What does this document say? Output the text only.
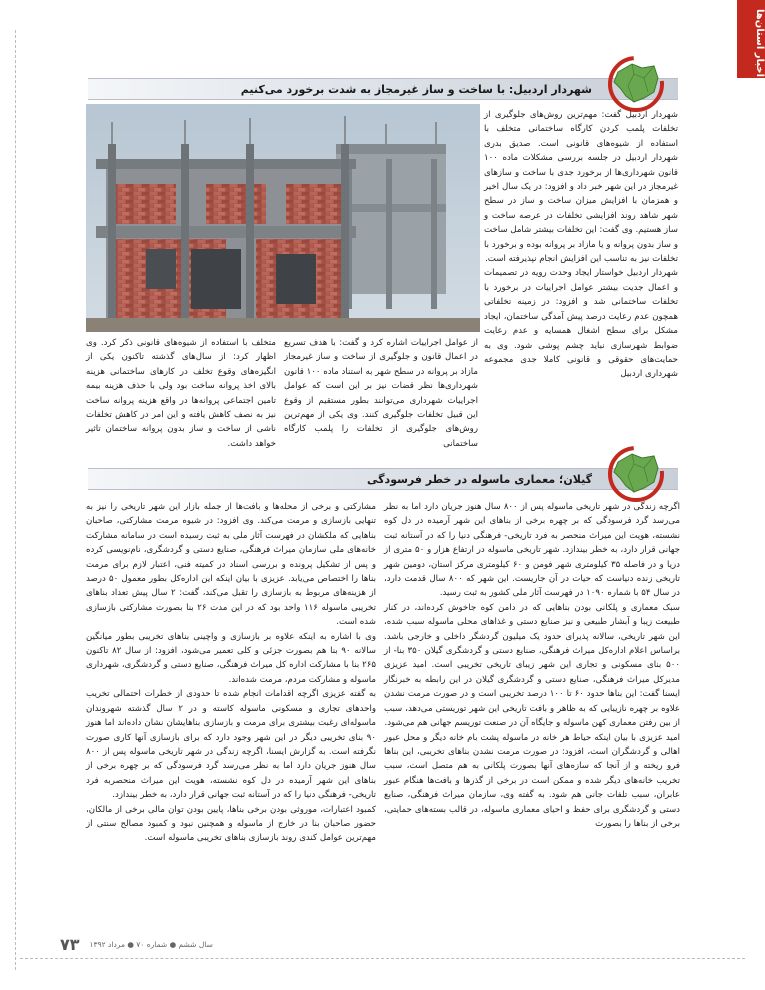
اخبار استان‌ها
شهردار اردبیل: با ساخت و ساز غیرمجاز به شدت برخورد می‌کنیم

شهردار اردبیل گفت: مهم‌ترین روش‌های جلوگیری از تخلفات پلمب کردن کارگاه ساختمانی متخلف با استفاده از شیوه‌های قانونی است. صدیق بدری شهردار اردبیل در جلسه بررسی مشکلات ماده ۱۰۰ قانون شهرداری‌ها از برخورد جدی با ساخت و سازهای غیرمجاز در این شهر خبر داد و افزود: در یک سال اخیر و همزمان با افزایش میزان ساخت و ساز در سطح شهر شاهد روند افزایشی تخلفات در عرصه ساخت و ساز هستیم. وی گفت: این تخلفات بیشتر شامل ساخت و ساز بدون پروانه و یا مازاد بر پروانه بوده و برخورد با تخلفات نیز به تناسب این افزایش انجام نپذیرفته است.

شهردار اردبیل خواستار ایجاد وحدت رویه در تصمیمات و اعمال جدیت بیشتر عوامل اجراییات در برخورد با تخلفات ساختمانی شد و افزود: در زمینه تخلفاتی همچون عدم رعایت درصد پیش آمدگی ساختمان، ایجاد مشکل برای سطح اشغال همسایه و عدم رعایت ضوابط شهرسازی نباید چشم پوشی شود. وی به حمایت‌های حقوقی و قانونی کاملا جدی مجموعه شهرداری اردبیل

از عوامل اجراییات اشاره کرد و گفت: با هدف تسریع در اعمال قانون و جلوگیری از ساخت و ساز غیرمجاز مازاد بر پروانه در سطح شهر به استناد ماده ۱۰۰ قانون شهرداری‌ها نظر قضات نیز بر این است که عوامل اجراییات شهرداری می‌توانند بطور مستقیم از وقوع این قبیل تخلفات جلوگیری کنند. وی یکی از مهم‌ترین روش‌های جلوگیری از تخلفات را پلمب کارگاه ساختمانی

متخلف با استفاده از شیوه‌های قانونی ذکر کرد. وی اظهار کرد: از سال‌های گذشته تاکنون یکی از انگیزه‌های وقوع تخلف در کارهای ساختمانی هزینه بالای اخذ پروانه ساخت بود ولی با حذف هزینه بیمه تامین اجتماعی پروانه‌ها در واقع هزینه پروانه ساخت نیز به نصف کاهش یافته و این امر در کاهش تخلفات ناشی از ساخت و ساز بدون پروانه ساختمان تاثیر خواهد داشت.

گیلان؛ معماری ماسوله در خطر فرسودگی

اگرچه زندگی در شهر تاریخی ماسوله پس از ۸۰۰ سال هنوز جریان دارد اما به نظر می‌رسد گرد فرسودگی که بر چهره برخی از بناهای این شهر آرمیده در دل کوه نشسته، هویت این میراث منحصر به فرد تاریخی- فرهنگی دنیا را که در آستانه ثبت جهانی قرار دارد، به خطر بیندازد. شهر تاریخی ماسوله در ارتفاع هزار و ۵۰ متری از دریا و در فاصله ۳۵ کیلومتری شهر فومن و ۶۰ کیلومتری مرکز استان، دومین شهر تاریخی زنده دنیاست که حیات در آن جاریست. این شهر که ۸۰۰ سال قدمت دارد، در سال ۵۴ با شماره ۱۰۹۰ در فهرست آثار ملی کشور به ثبت رسید.

سبک معماری و پلکانی بودن بناهایی که در دامن کوه جاخوش کرده‌اند، در کنار طبیعت زیبا و آبشار طبیعی و نیز صنایع دستی و غذاهای محلی ماسوله سبب شده، این شهر تاریخی، سالانه پذیرای حدود یک میلیون گردشگر داخلی و خارجی باشد. براساس اعلام اداره‌کل میراث فرهنگی، صنایع دستی و گردشگری گیلان ۳۵۰ بنا- از ۵۰۰ بنای مسکونی و تجاری این شهر زیبای تاریخی تخریبی است. امید عزیزی مدیرکل میراث فرهنگی، صنایع دستی و گردشگری گیلان در این رابطه به خبرنگار ایسنا گفت: این بناها حدود ۶۰ تا ۱۰۰ درصد تخریبی است و در صورت مرمت نشدن علاوه بر چهره نازیبایی که به ظاهر و بافت تاریخی این شهر توریستی می‌دهد، سبب از بین رفتن معماری کهن ماسوله و جایگاه آن در صنعت توریسم جهانی هم می‌شود.

امید عزیزی با بیان اینکه حیاط هر خانه در ماسوله پشت بام خانه دیگر و محل عبور اهالی و گردشگران است، افزود: در صورت مرمت نشدن بناهای تخریبی، این بناها فرو ریخته و از آنجا که سازه‌های آنها بصورت پلکانی به هم متصل است، سبب تخریب خانه‌های دیگر شده و ممکن است در برخی از گذرها و بافت‌ها هنگام عبور عابران، سبب تلفات جانی هم شود. به گفته وی، سازمان میراث فرهنگی، صنایع دستی و گردشگری برای حفظ و احیای معماری ماسوله، در قالب بسته‌های حمایتی، برخی از بناها را بصورت

مشارکتی و برخی از محله‌ها و بافت‌ها از جمله بازار این شهر تاریخی را نیز به تنهایی بازسازی و مرمت می‌کند. وی افزود: در شیوه مرمت مشارکتی، صاحبان بناهایی که ملکشان در فهرست آثار ملی به ثبت رسیده است در سامانه مشارکت خانه‌های ملی سازمان میراث فرهنگی، صنایع دستی و گردشگری، نام‌نویسی کرده و پس از تشکیل پرونده و بررسی اسناد در کمیته فنی، اعتبار لازم برای مرمت بناها را اختصاص می‌یابد. عزیزی با بیان اینکه این اداره‌کل بطور معمول ۵۰ درصد از هزینه‌های مربوط به بازسازی را تقبل می‌کند، گفت: ۲ سال پیش تعداد بناهای تخریبی ماسوله ۱۱۶ واحد بود که در این مدت ۲۶ بنا بصورت مشارکتی بازسازی شده است.

وی با اشاره به اینکه علاوه بر بازسازی و واچینی بناهای تخریبی بطور میانگین سالانه ۹۰ بنا هم بصورت جزئی و کلی تعمیر می‌شود، افزود: از سال ۸۲ تاکنون ۲۶۵ بنا با مشارکت اداره کل میراث فرهنگی، صنایع دستی و گردشگری، شهرداری ماسوله و مشارکت مردم، مرمت شده‌اند.

به گفته عزیزی اگرچه اقدامات انجام شده تا حدودی از خطرات احتمالی تخریب واحدهای تجاری و مسکونی ماسوله کاسته و در ۲ سال گذشته شهروندان ماسوله‌ای رغبت بیشتری برای مرمت و بازسازی بناهایشان نشان داده‌اند اما هنوز ۹۰ بنای تخریبی دیگر در این شهر وجود دارد که برای بازسازی آنها کاری صورت نگرفته است. به گزارش ایسنا، اگرچه زندگی در شهر تاریخی ماسوله پس از ۸۰۰ سال هنوز جریان دارد اما به نظر می‌رسد گرد فرسودگی که بر چهره برخی از بناهای این شهر آرمیده در دل کوه نشسته، هویت این میراث منحصربه فرد تاریخی- فرهنگی دنیا را که در آستانه ثبت جهانی قرار دارد، به خطر بیندازد.

کمبود اعتبارات، موروثی بودن برخی بناها، پایین بودن توان مالی برخی از مالکان، حضور صاحبان بنا در خارج از ماسوله و همچنین نبود و کمبود مصالح سنتی از مهم‌ترین عوامل کندی روند بازسازی بناهای تخریبی ماسوله است.

۷۳ سال ششم ● شماره ۷۰ ● مرداد ۱۳۹۲
